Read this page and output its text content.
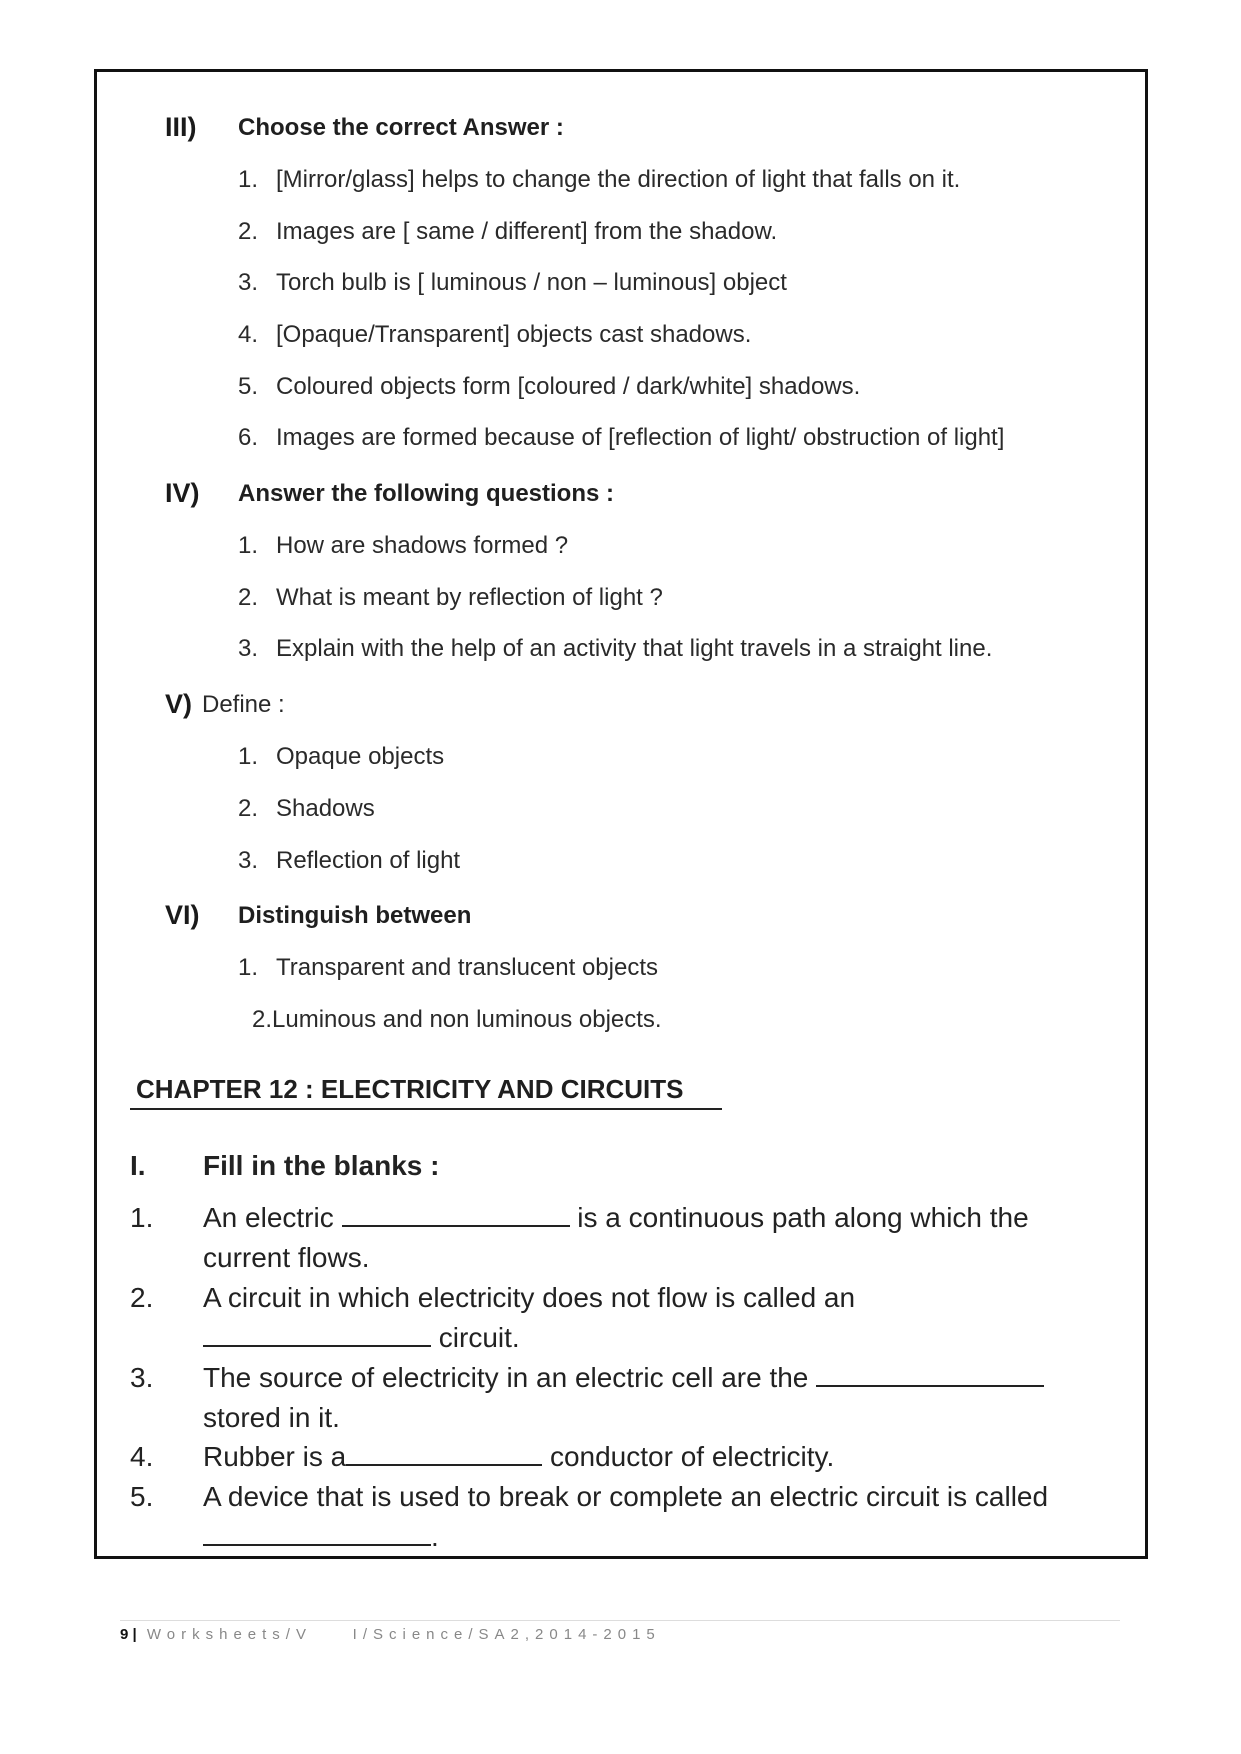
III) Choose the correct Answer :
1. [Mirror/glass] helps to change the direction of light that falls on it.
2. Images are [ same / different] from the shadow.
3. Torch bulb is [ luminous / non – luminous] object
4. [Opaque/Transparent] objects cast shadows.
5. Coloured objects form [coloured / dark/white] shadows.
6. Images are formed because of [reflection of light/ obstruction of light]
IV) Answer the following questions :
1. How are shadows formed ?
2. What is meant by reflection of light ?
3. Explain with the help of an activity that light travels in a straight line.
V) Define :
1. Opaque objects
2. Shadows
3. Reflection of light
VI) Distinguish between
1. Transparent and translucent objects
2.Luminous and non luminous objects.
CHAPTER 12 : ELECTRICITY AND CIRCUITS
I. Fill in the blanks :
1. An electric	is a continuous path along which the
current flows.
2. A circuit in which electricity does not flow is called an
circuit.
3. The source of electricity in an electric cell are the
stored in it.
4. Rubber is a	conductor of electricity.
5. A device that is used to break or complete an electric circuit is called
.
9 | Worksheets/V    I/Science/SA2,2014-2015
